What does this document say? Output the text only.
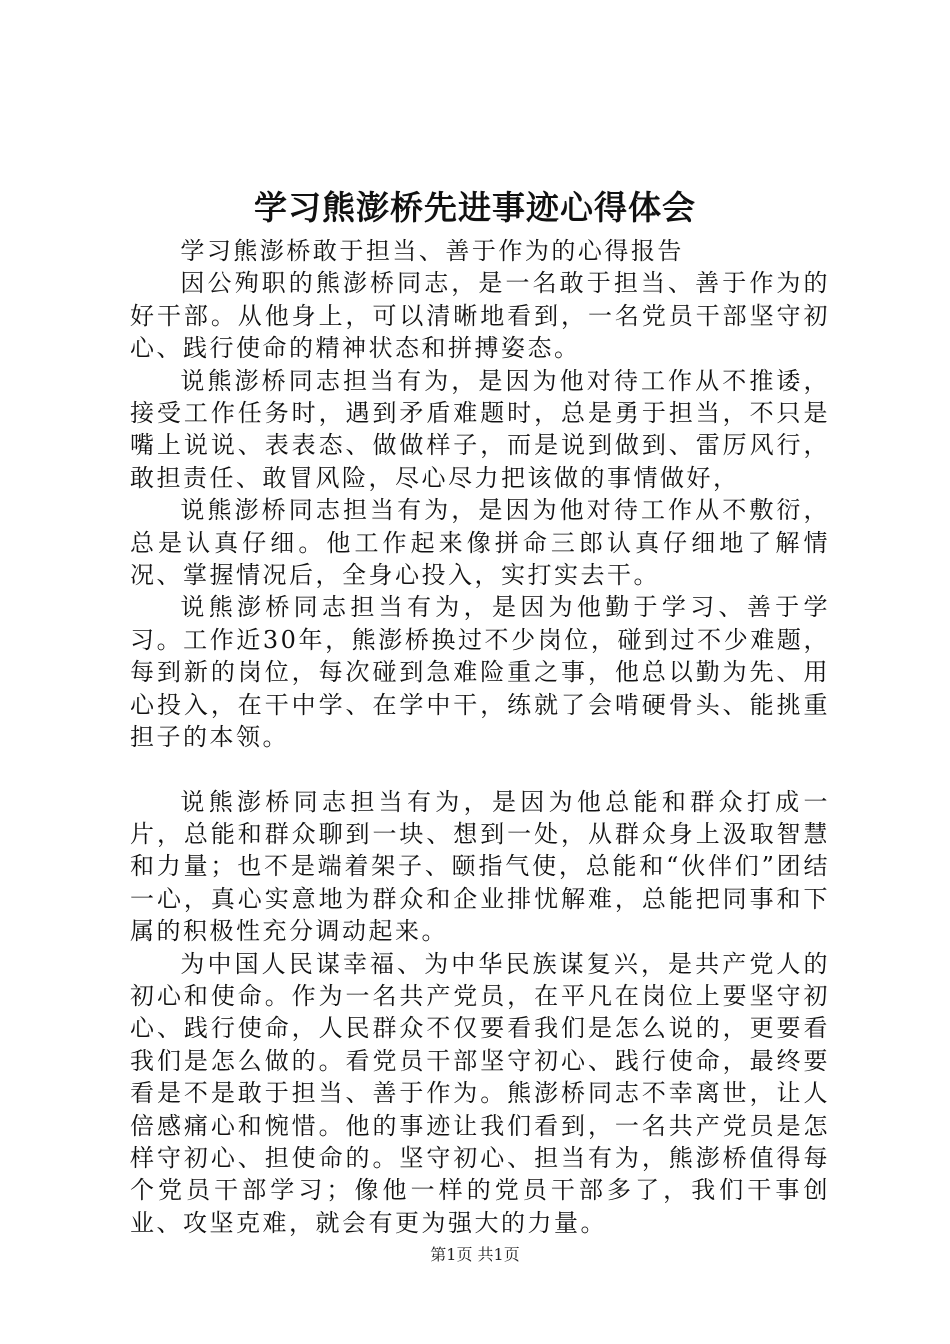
学习熊澎桥先进事迹心得体会

学习熊澎桥敢于担当、善于作为的心得报告

因公殉职的熊澎桥同志，是一名敢于担当、善于作为的好干部。从他身上，可以清晰地看到，一名党员干部坚守初心、践行使命的精神状态和拼搏姿态。

说熊澎桥同志担当有为，是因为他对待工作从不推诿，接受工作任务时，遇到矛盾难题时，总是勇于担当，不只是嘴上说说、表表态、做做样子，而是说到做到、雷厉风行，敢担责任、敢冒风险，尽心尽力把该做的事情做好，

说熊澎桥同志担当有为，是因为他对待工作从不敷衍，总是认真仔细。他工作起来像拼命三郎认真仔细地了解情况、掌握情况后，全身心投入，实打实去干。

说熊澎桥同志担当有为，是因为他勤于学习、善于学习。工作近30年，熊澎桥换过不少岗位，碰到过不少难题，每到新的岗位，每次碰到急难险重之事，他总以勤为先、用心投入，在干中学、在学中干，练就了会啃硬骨头、能挑重担子的本领。

说熊澎桥同志担当有为，是因为他总能和群众打成一片，总能和群众聊到一块、想到一处，从群众身上汲取智慧和力量；也不是端着架子、颐指气使，总能和“伙伴们”团结一心，真心实意地为群众和企业排忧解难，总能把同事和下属的积极性充分调动起来。

为中国人民谋幸福、为中华民族谋复兴，是共产党人的初心和使命。作为一名共产党员，在平凡在岗位上要坚守初心、践行使命，人民群众不仅要看我们是怎么说的，更要看我们是怎么做的。看党员干部坚守初心、践行使命，最终要看是不是敢于担当、善于作为。熊澎桥同志不幸离世，让人倍感痛心和惋惜。他的事迹让我们看到，一名共产党员是怎样守初心、担使命的。坚守初心、担当有为，熊澎桥值得每个党员干部学习；像他一样的党员干部多了，我们干事创业、攻坚克难，就会有更为强大的力量。

第1页 共1页
